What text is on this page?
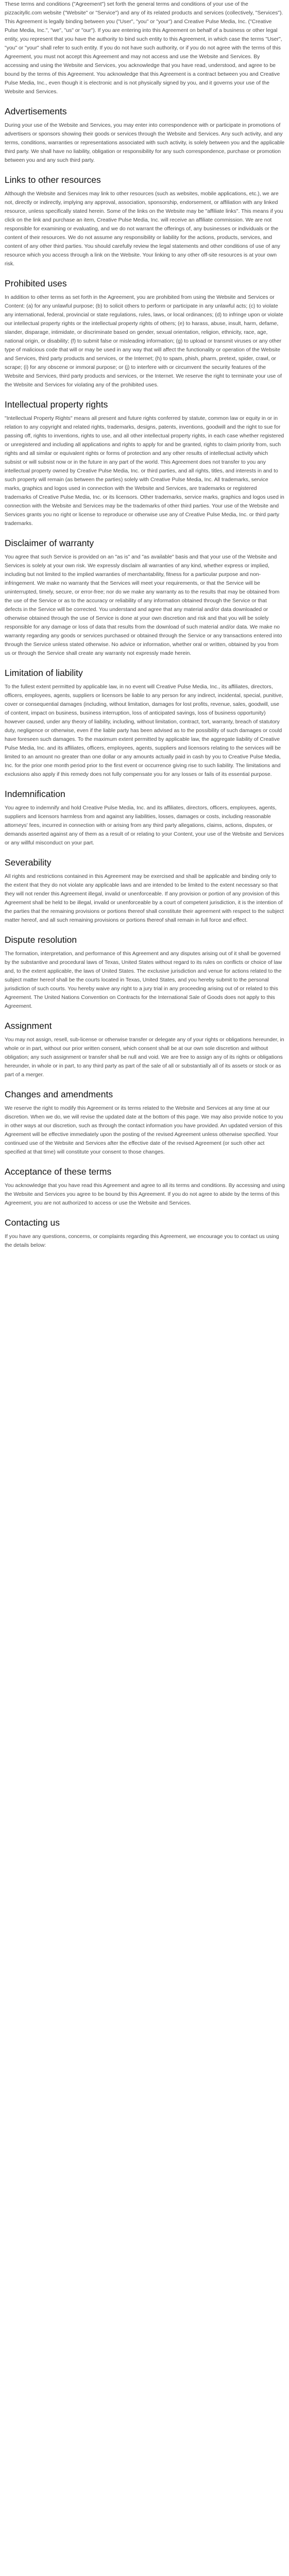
These terms and conditions ("Agreement") set forth the general terms and conditions of your use of the pizzacityllc.com website ("Website" or "Service") and any of its related products and services (collectively, "Services"). This Agreement is legally binding between you ("User", "you" or "your") and Creative Pulse Media, Inc. ("Creative Pulse Media, Inc.", "we", "us" or "our"). If you are entering into this Agreement on behalf of a business or other legal entity, you represent that you have the authority to bind such entity to this Agreement, in which case the terms "User", "you" or "your" shall refer to such entity. If you do not have such authority, or if you do not agree with the terms of this Agreement, you must not accept this Agreement and may not access and use the Website and Services. By accessing and using the Website and Services, you acknowledge that you have read, understood, and agree to be bound by the terms of this Agreement. You acknowledge that this Agreement is a contract between you and Creative Pulse Media, Inc., even though it is electronic and is not physically signed by you, and it governs your use of the Website and Services.

Advertisements

During your use of the Website and Services, you may enter into correspondence with or participate in promotions of advertisers or sponsors showing their goods or services through the Website and Services. Any such activity, and any terms, conditions, warranties or representations associated with such activity, is solely between you and the applicable third party. We shall have no liability, obligation or responsibility for any such correspondence, purchase or promotion between you and any such third party.

Links to other resources

Although the Website and Services may link to other resources (such as websites, mobile applications, etc.), we are not, directly or indirectly, implying any approval, association, sponsorship, endorsement, or affiliation with any linked resource, unless specifically stated herein. Some of the links on the Website may be "affiliate links". This means if you click on the link and purchase an item, Creative Pulse Media, Inc. will receive an affiliate commission. We are not responsible for examining or evaluating, and we do not warrant the offerings of, any businesses or individuals or the content of their resources. We do not assume any responsibility or liability for the actions, products, services, and content of any other third parties. You should carefully review the legal statements and other conditions of use of any resource which you access through a link on the Website. Your linking to any other off-site resources is at your own risk.

Prohibited uses

In addition to other terms as set forth in the Agreement, you are prohibited from using the Website and Services or Content: (a) for any unlawful purpose; (b) to solicit others to perform or participate in any unlawful acts; (c) to violate any international, federal, provincial or state regulations, rules, laws, or local ordinances; (d) to infringe upon or violate our intellectual property rights or the intellectual property rights of others; (e) to harass, abuse, insult, harm, defame, slander, disparage, intimidate, or discriminate based on gender, sexual orientation, religion, ethnicity, race, age, national origin, or disability; (f) to submit false or misleading information; (g) to upload or transmit viruses or any other type of malicious code that will or may be used in any way that will affect the functionality or operation of the Website and Services, third party products and services, or the Internet; (h) to spam, phish, pharm, pretext, spider, crawl, or scrape; (i) for any obscene or immoral purpose; or (j) to interfere with or circumvent the security features of the Website and Services, third party products and services, or the Internet. We reserve the right to terminate your use of the Website and Services for violating any of the prohibited uses.

Intellectual property rights

"Intellectual Property Rights" means all present and future rights conferred by statute, common law or equity in or in relation to any copyright and related rights, trademarks, designs, patents, inventions, goodwill and the right to sue for passing off, rights to inventions, rights to use, and all other intellectual property rights, in each case whether registered or unregistered and including all applications and rights to apply for and be granted, rights to claim priority from, such rights and all similar or equivalent rights or forms of protection and any other results of intellectual activity which subsist or will subsist now or in the future in any part of the world. This Agreement does not transfer to you any intellectual property owned by Creative Pulse Media, Inc. or third parties, and all rights, titles, and interests in and to such property will remain (as between the parties) solely with Creative Pulse Media, Inc. All trademarks, service marks, graphics and logos used in connection with the Website and Services, are trademarks or registered trademarks of Creative Pulse Media, Inc. or its licensors. Other trademarks, service marks, graphics and logos used in connection with the Website and Services may be the trademarks of other third parties. Your use of the Website and Services grants you no right or license to reproduce or otherwise use any of Creative Pulse Media, Inc. or third party trademarks.

Disclaimer of warranty

You agree that such Service is provided on an "as is" and "as available" basis and that your use of the Website and Services is solely at your own risk. We expressly disclaim all warranties of any kind, whether express or implied, including but not limited to the implied warranties of merchantability, fitness for a particular purpose and non-infringement. We make no warranty that the Services will meet your requirements, or that the Service will be uninterrupted, timely, secure, or error-free; nor do we make any warranty as to the results that may be obtained from the use of the Service or as to the accuracy or reliability of any information obtained through the Service or that defects in the Service will be corrected. You understand and agree that any material and/or data downloaded or otherwise obtained through the use of Service is done at your own discretion and risk and that you will be solely responsible for any damage or loss of data that results from the download of such material and/or data. We make no warranty regarding any goods or services purchased or obtained through the Service or any transactions entered into through the Service unless stated otherwise. No advice or information, whether oral or written, obtained by you from us or through the Service shall create any warranty not expressly made herein.

Limitation of liability

To the fullest extent permitted by applicable law, in no event will Creative Pulse Media, Inc., its affiliates, directors, officers, employees, agents, suppliers or licensors be liable to any person for any indirect, incidental, special, punitive, cover or consequential damages (including, without limitation, damages for lost profits, revenue, sales, goodwill, use of content, impact on business, business interruption, loss of anticipated savings, loss of business opportunity) however caused, under any theory of liability, including, without limitation, contract, tort, warranty, breach of statutory duty, negligence or otherwise, even if the liable party has been advised as to the possibility of such damages or could have foreseen such damages. To the maximum extent permitted by applicable law, the aggregate liability of Creative Pulse Media, Inc. and its affiliates, officers, employees, agents, suppliers and licensors relating to the services will be limited to an amount no greater than one dollar or any amounts actually paid in cash by you to Creative Pulse Media, Inc. for the prior one month period prior to the first event or occurrence giving rise to such liability. The limitations and exclusions also apply if this remedy does not fully compensate you for any losses or fails of its essential purpose.

Indemnification

You agree to indemnify and hold Creative Pulse Media, Inc. and its affiliates, directors, officers, employees, agents, suppliers and licensors harmless from and against any liabilities, losses, damages or costs, including reasonable attorneys' fees, incurred in connection with or arising from any third party allegations, claims, actions, disputes, or demands asserted against any of them as a result of or relating to your Content, your use of the Website and Services or any willful misconduct on your part.

Severability

All rights and restrictions contained in this Agreement may be exercised and shall be applicable and binding only to the extent that they do not violate any applicable laws and are intended to be limited to the extent necessary so that they will not render this Agreement illegal, invalid or unenforceable. If any provision or portion of any provision of this Agreement shall be held to be illegal, invalid or unenforceable by a court of competent jurisdiction, it is the intention of the parties that the remaining provisions or portions thereof shall constitute their agreement with respect to the subject matter hereof, and all such remaining provisions or portions thereof shall remain in full force and effect.

Dispute resolution

The formation, interpretation, and performance of this Agreement and any disputes arising out of it shall be governed by the substantive and procedural laws of Texas, United States without regard to its rules on conflicts or choice of law and, to the extent applicable, the laws of United States. The exclusive jurisdiction and venue for actions related to the subject matter hereof shall be the courts located in Texas, United States, and you hereby submit to the personal jurisdiction of such courts. You hereby waive any right to a jury trial in any proceeding arising out of or related to this Agreement. The United Nations Convention on Contracts for the International Sale of Goods does not apply to this Agreement.

Assignment

You may not assign, resell, sub-license or otherwise transfer or delegate any of your rights or obligations hereunder, in whole or in part, without our prior written consent, which consent shall be at our own sole discretion and without obligation; any such assignment or transfer shall be null and void. We are free to assign any of its rights or obligations hereunder, in whole or in part, to any third party as part of the sale of all or substantially all of its assets or stock or as part of a merger.

Changes and amendments

We reserve the right to modify this Agreement or its terms related to the Website and Services at any time at our discretion. When we do, we will revise the updated date at the bottom of this page. We may also provide notice to you in other ways at our discretion, such as through the contact information you have provided. An updated version of this Agreement will be effective immediately upon the posting of the revised Agreement unless otherwise specified. Your continued use of the Website and Services after the effective date of the revised Agreement (or such other act specified at that time) will constitute your consent to those changes.

Acceptance of these terms

You acknowledge that you have read this Agreement and agree to all its terms and conditions. By accessing and using the Website and Services you agree to be bound by this Agreement. If you do not agree to abide by the terms of this Agreement, you are not authorized to access or use the Website and Services.

Contacting us

If you have any questions, concerns, or complaints regarding this Agreement, we encourage you to contact us using the details below:
